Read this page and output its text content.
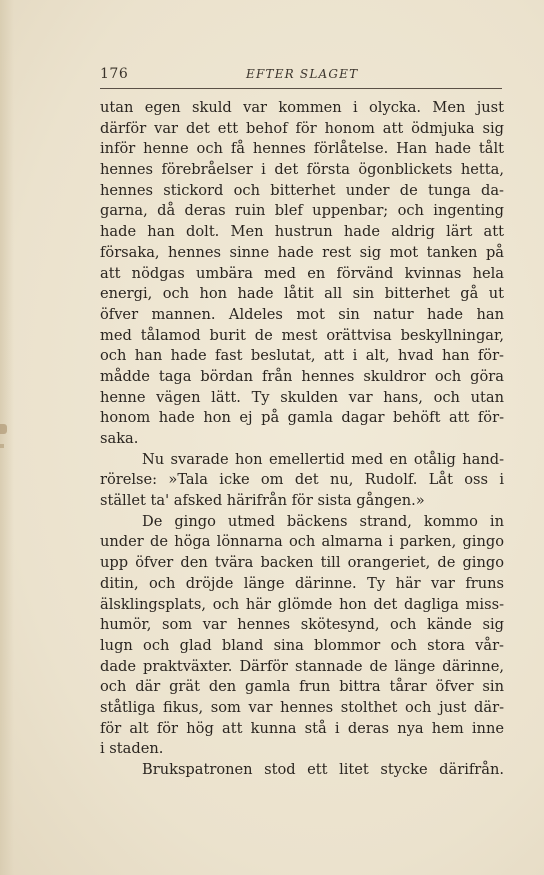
176	EFTER SLAGET
utan egen skuld var kommen i olycka. Men just
därför var det ett behof för honom att ödmjuka sig
inför henne och få hennes förlåtelse. Han hade tålt
hennes förebråelser i det första ögonblickets hetta,
hennes stickord och bitterhet under de tunga da-
garna, då deras ruin blef uppenbar; och ingenting
hade han dolt. Men hustrun hade aldrig lärt att
försaka, hennes sinne hade rest sig mot tanken på
att nödgas umbära med en förvänd kvinnas hela
energi, och hon hade låtit all sin bitterhet gå ut
öfver mannen. Aldeles mot sin natur hade han
med tålamod burit de mest orättvisa beskyllningar,
och han hade fast beslutat, att i alt, hvad han för-
mådde taga bördan från hennes skuldror och göra
henne vägen lätt. Ty skulden var hans, och utan
honom hade hon ej på gamla dagar behöft att för-
saka.
Nu svarade hon emellertid med en otålig hand-
rörelse: »Tala icke om det nu, Rudolf. Låt oss i
stället ta' afsked härifrån för sista gången.»
De gingo utmed bäckens strand, kommo in
under de höga lönnarna och almarna i parken, gingo
upp öfver den tvära backen till orangeriet, de gingo
ditin, och dröjde länge därinne. Ty här var fruns
älsklingsplats, och här glömde hon det dagliga miss-
humör, som var hennes skötesynd, och kände sig
lugn och glad bland sina blommor och stora vår-
dade praktväxter. Därför stannade de länge därinne,
och där grät den gamla frun bittra tårar öfver sin
ståtliga fikus, som var hennes stolthet och just där-
för alt för hög att kunna stå i deras nya hem inne
i staden.
Brukspatronen stod ett litet stycke därifrån.
